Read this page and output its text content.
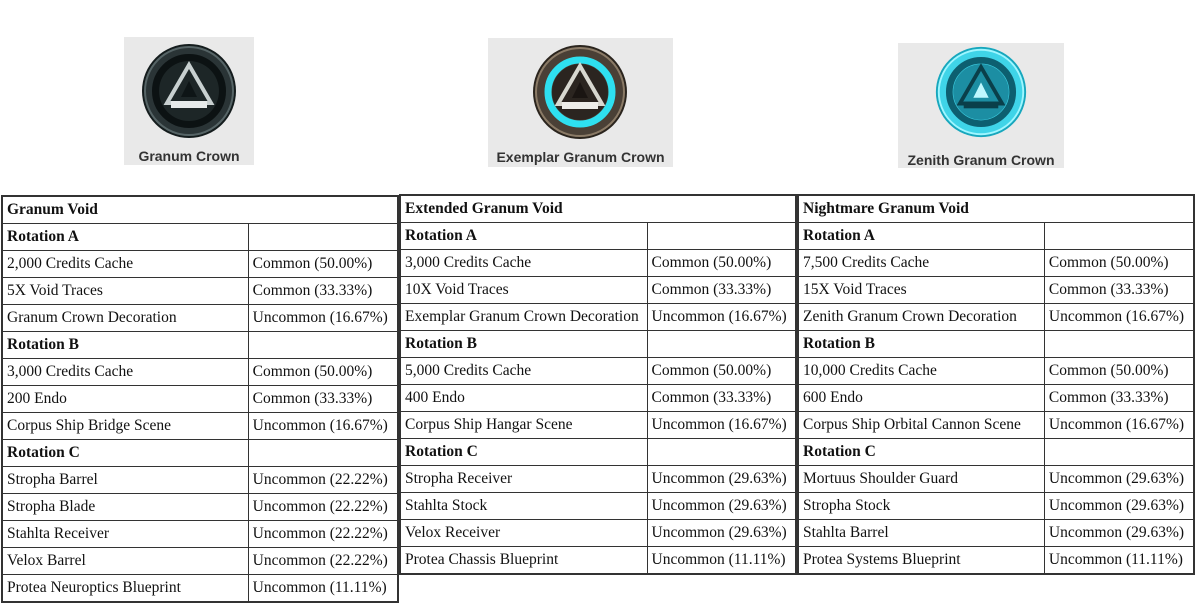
Granum Crown	Exemplar Granum Crown	Zenith Granum Crown
Granum Void	
Rotation A	
2,000 Credits Cache	Common (50.00%)
5X Void Traces	Common (33.33%)
Granum Crown Decoration	Uncommon (16.67%)
Rotation B	
3,000 Credits Cache	Common (50.00%)
200 Endo	Common (33.33%)
Corpus Ship Bridge Scene	Uncommon (16.67%)
Rotation C	
Stropha Barrel	Uncommon (22.22%)
Stropha Blade	Uncommon (22.22%)
Stahlta Receiver	Uncommon (22.22%)
Velox Barrel	Uncommon (22.22%)
Protea Neuroptics Blueprint	Uncommon (11.11%)
Extended Granum Void	
Rotation A	
3,000 Credits Cache	Common (50.00%)
10X Void Traces	Common (33.33%)
Exemplar Granum Crown Decoration	Uncommon (16.67%)
Rotation B	
5,000 Credits Cache	Common (50.00%)
400 Endo	Common (33.33%)
Corpus Ship Hangar Scene	Uncommon (16.67%)
Rotation C	
Stropha Receiver	Uncommon (29.63%)
Stahlta Stock	Uncommon (29.63%)
Velox Receiver	Uncommon (29.63%)
Protea Chassis Blueprint	Uncommon (11.11%)
Nightmare Granum Void	
Rotation A	
7,500 Credits Cache	Common (50.00%)
15X Void Traces	Common (33.33%)
Zenith Granum Crown Decoration	Uncommon (16.67%)
Rotation B	
10,000 Credits Cache	Common (50.00%)
600 Endo	Common (33.33%)
Corpus Ship Orbital Cannon Scene	Uncommon (16.67%)
Rotation C	
Mortuus Shoulder Guard	Uncommon (29.63%)
Stropha Stock	Uncommon (29.63%)
Stahlta Barrel	Uncommon (29.63%)
Protea Systems Blueprint	Uncommon (11.11%)
